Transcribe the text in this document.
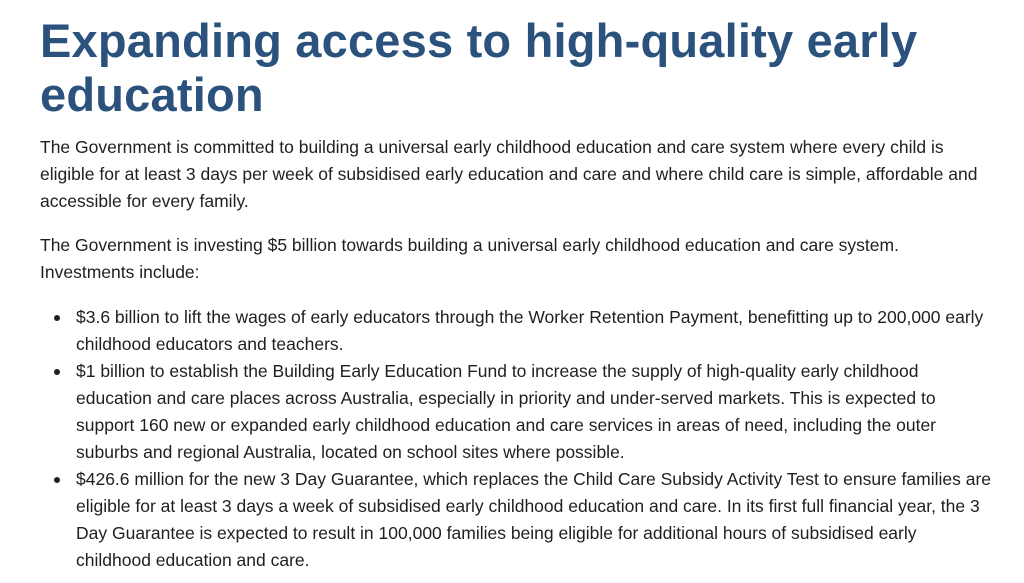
Expanding access to high-quality early education

The Government is committed to building a universal early childhood education and care system where every child is eligible for at least 3 days per week of subsidised early education and care and where child care is simple, affordable and accessible for every family.

The Government is investing $5 billion towards building a universal early childhood education and care system. Investments include:

$3.6 billion to lift the wages of early educators through the Worker Retention Payment, benefitting up to 200,000 early childhood educators and teachers.
$1 billion to establish the Building Early Education Fund to increase the supply of high-quality early childhood education and care places across Australia, especially in priority and under-served markets. This is expected to support 160 new or expanded early childhood education and care services in areas of need, including the outer suburbs and regional Australia, located on school sites where possible.
$426.6 million for the new 3 Day Guarantee, which replaces the Child Care Subsidy Activity Test to ensure families are eligible for at least 3 days a week of subsidised early childhood education and care. In its first full financial year, the 3 Day Guarantee is expected to result in 100,000 families being eligible for additional hours of subsidised early childhood education and care.
